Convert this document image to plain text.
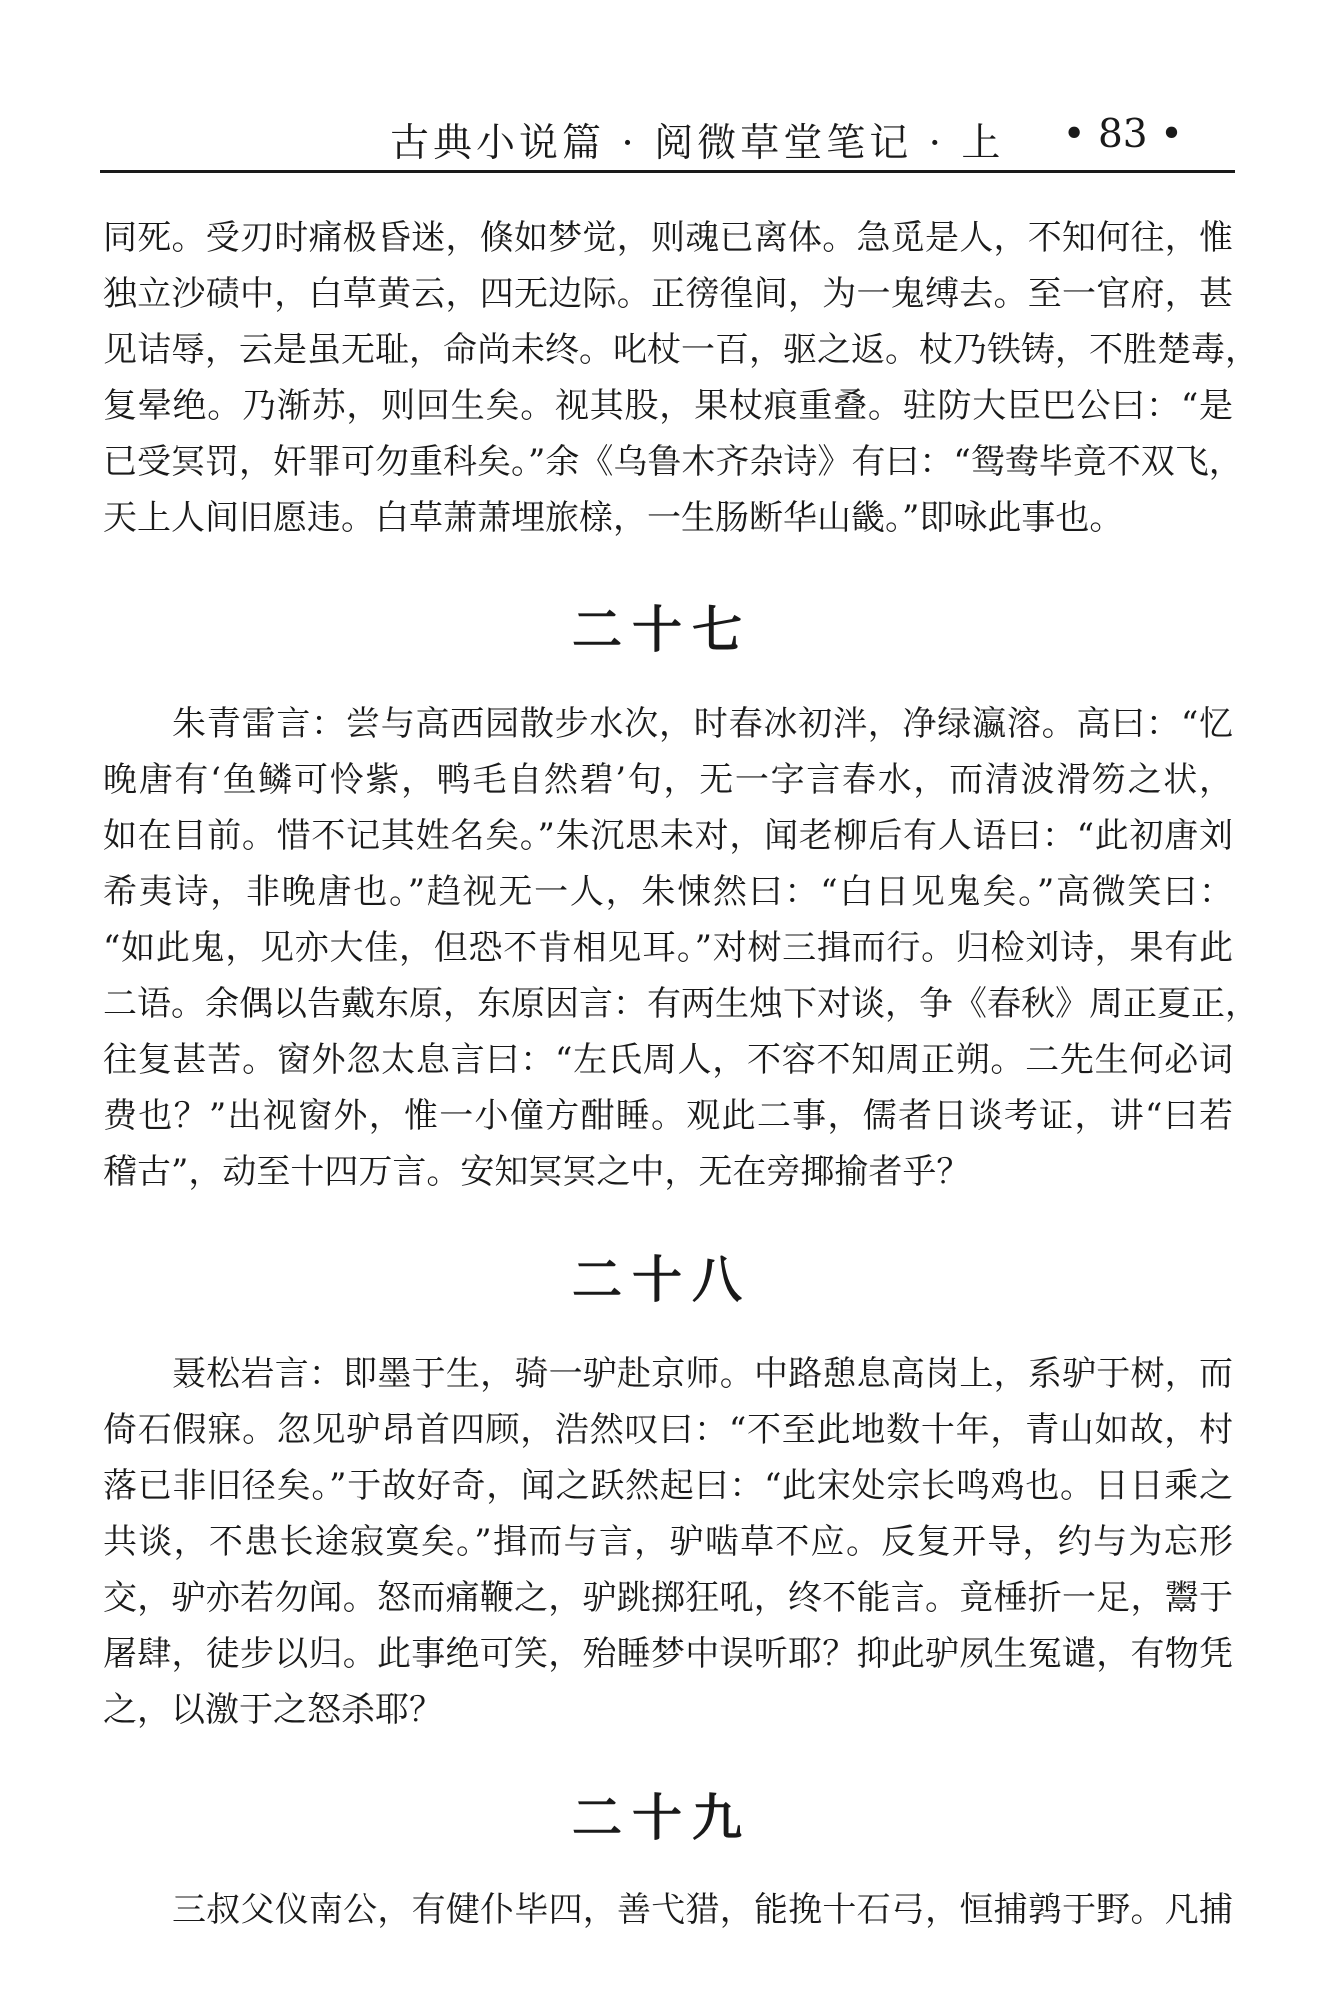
古典小说篇 · 阅微草堂笔记 · 上 • 83 •
同死。受刃时痛极昏迷，倏如梦觉，则魂已离体。急觅是人，不知何往，惟
独立沙碛中，白草黄云，四无边际。正徬徨间，为一鬼缚去。至一官府，甚
见诘辱，云是虽无耻，命尚未终。叱杖一百，驱之返。杖乃铁铸，不胜楚毒，
复晕绝。乃渐苏，则回生矣。视其股，果杖痕重叠。驻防大臣巴公曰：“是
已受冥罚，奸罪可勿重科矣。”余《乌鲁木齐杂诗》有曰：“鸳鸯毕竟不双飞，
天上人间旧愿违。白草萧萧埋旅榇，一生肠断华山畿。”即咏此事也。
二十七
朱青雷言：尝与高西园散步水次，时春冰初泮，净绿瀛溶。高曰：“忆
晚唐有‘鱼鳞可怜紫，鸭毛自然碧’句，无一字言春水，而清波滑笏之状，
如在目前。惜不记其姓名矣。”朱沉思未对，闻老柳后有人语曰：“此初唐刘
希夷诗，非晚唐也。”趋视无一人，朱悚然曰：“白日见鬼矣。”高微笑曰：
“如此鬼，见亦大佳，但恐不肯相见耳。”对树三揖而行。归检刘诗，果有此
二语。余偶以告戴东原，东原因言：有两生烛下对谈，争《春秋》周正夏正，
往复甚苦。窗外忽太息言曰：“左氏周人，不容不知周正朔。二先生何必词
费也？”出视窗外，惟一小僮方酣睡。观此二事，儒者日谈考证，讲“曰若
稽古”，动至十四万言。安知冥冥之中，无在旁揶揄者乎？
二十八
聂松岩言：即墨于生，骑一驴赴京师。中路憩息高岗上，系驴于树，而
倚石假寐。忽见驴昂首四顾，浩然叹曰：“不至此地数十年，青山如故，村
落已非旧径矣。”于故好奇，闻之跃然起曰：“此宋处宗长鸣鸡也。日日乘之
共谈，不患长途寂寞矣。”揖而与言，驴啮草不应。反复开导，约与为忘形
交，驴亦若勿闻。怒而痛鞭之，驴跳掷狂吼，终不能言。竟棰折一足，鬻于
屠肆，徒步以归。此事绝可笑，殆睡梦中误听耶？抑此驴夙生冤谴，有物凭
之，以激于之怒杀耶？
二十九
三叔父仪南公，有健仆毕四，善弋猎，能挽十石弓，恒捕鹑于野。凡捕
